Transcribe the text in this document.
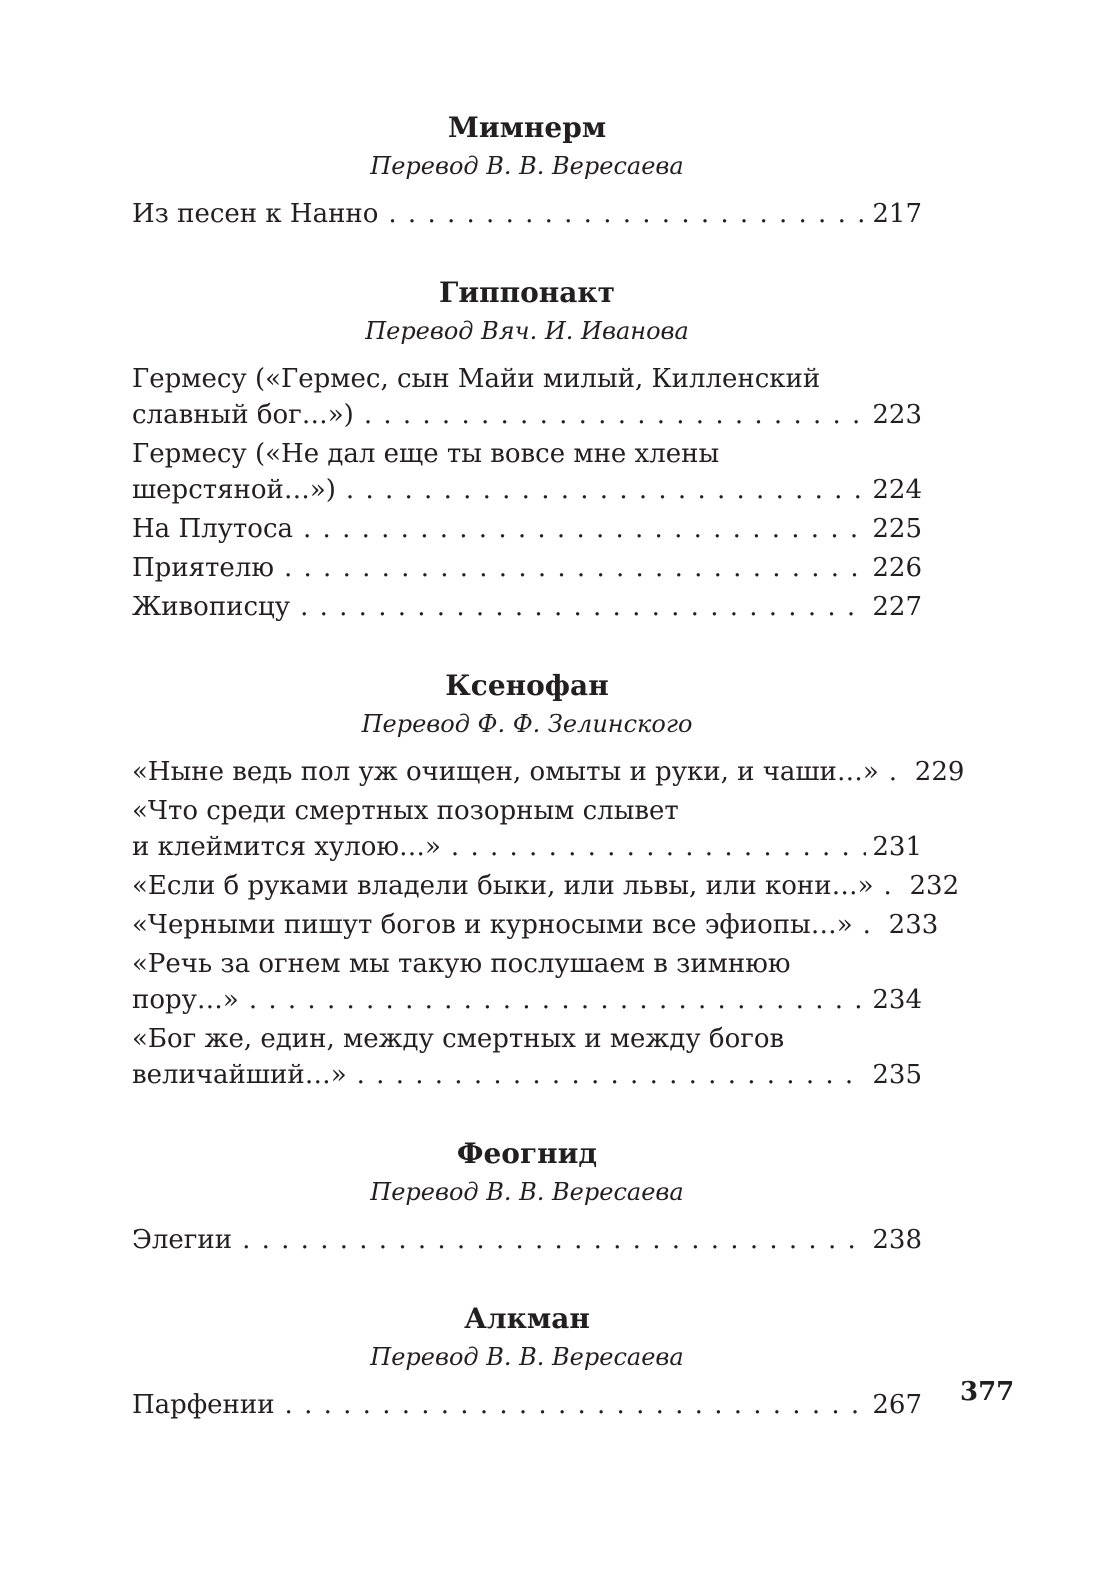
Мимнерм

Перевод В. В. Вересаева

Из песен к Нанно . . .	217

Гиппонакт

Перевод Вяч. И. Иванова

Гермесу («Гермес, сын Майи милый, Килленский
славный бог…») . . .	223
Гермесу («Не дал еще ты вовсе мне хлены
шерстяной…») . . .	224
На Плутоса . . .	225
Приятелю . . .	226
Живописцу . . .	227

Ксенофан

Перевод Ф. Ф. Зелинского

«Ныне ведь пол уж очищен, омыты и руки, и чаши…» . . . 229
«Что среди смертных позорным слывет
и клеймится хулою…» . . .	231
«Если б руками владели быки, или львы, или кони…» . . . 232
«Черными пишут богов и курносыми все эфиопы…» . . . 233
«Речь за огнем мы такую послушаем в зимнюю
пору…» . . .	234
«Бог же, един, между смертных и между богов
величайший…» . . .	235

Феогнид

Перевод В. В. Вересаева

Элегии . . .	238

Алкман

Перевод В. В. Вересаева

Парфении . . .	267 377
